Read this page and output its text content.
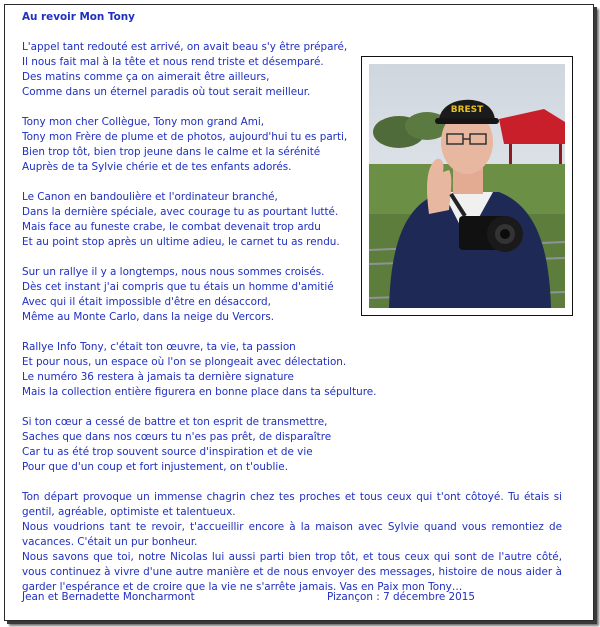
Au revoir Mon Tony
L'appel tant redouté est arrivé, on avait beau s'y être préparé,
Il nous fait mal à la tête et nous rend triste et désemparé.
Des matins comme ça on aimerait être ailleurs,
Comme dans un éternel paradis où tout serait meilleur.
Tony mon cher Collègue, Tony mon grand Ami,
Tony mon Frère de plume et de photos, aujourd'hui tu es parti,
Bien trop tôt, bien trop jeune dans le calme et la sérénité
Auprès de ta Sylvie chérie et de tes enfants adorés.
Le Canon en bandoulière et l'ordinateur branché,
Dans la dernière spéciale, avec courage tu as pourtant lutté.
Mais face au funeste crabe, le combat devenait trop ardu
Et au point stop après un ultime adieu, le carnet tu as rendu.
Sur un rallye il y a longtemps, nous nous sommes croisés.
Dès cet instant j'ai compris que tu étais un homme d'amitié
Avec qui il était impossible d'être en désaccord,
Même au Monte Carlo, dans la neige du Vercors.
Rallye Info Tony, c'était ton œuvre, ta vie, ta passion
Et pour nous, un espace où l'on se plongeait avec délectation.
Le numéro 36 restera à jamais ta dernière signature
Mais la collection entière figurera en bonne place dans ta sépulture.
Si ton cœur a cessé de battre et ton esprit de transmettre,
Saches que dans nos cœurs tu n'es pas prêt, de disparaître
Car tu as été trop souvent source d'inspiration et de vie
Pour que d'un coup et fort injustement, on t'oublie.
Ton départ provoque un immense chagrin chez tes proches et tous ceux qui t'ont côtoyé. Tu étais si gentil, agréable, optimiste et talentueux.
Nous voudrions tant te revoir, t'accueillir encore à la maison avec Sylvie quand vous remontiez de vacances. C'était un pur bonheur.
Nous savons que toi, notre Nicolas lui aussi parti bien trop tôt, et tous ceux qui sont de l'autre côté, vous continuez à vivre d'une autre manière et de nous envoyer des messages, histoire de nous aider à garder l'espérance et de croire que la vie ne s'arrête jamais. Vas en Paix mon Tony…
BREST
Jean et Bernadette Moncharmont	Pizançon : 7 décembre 2015
